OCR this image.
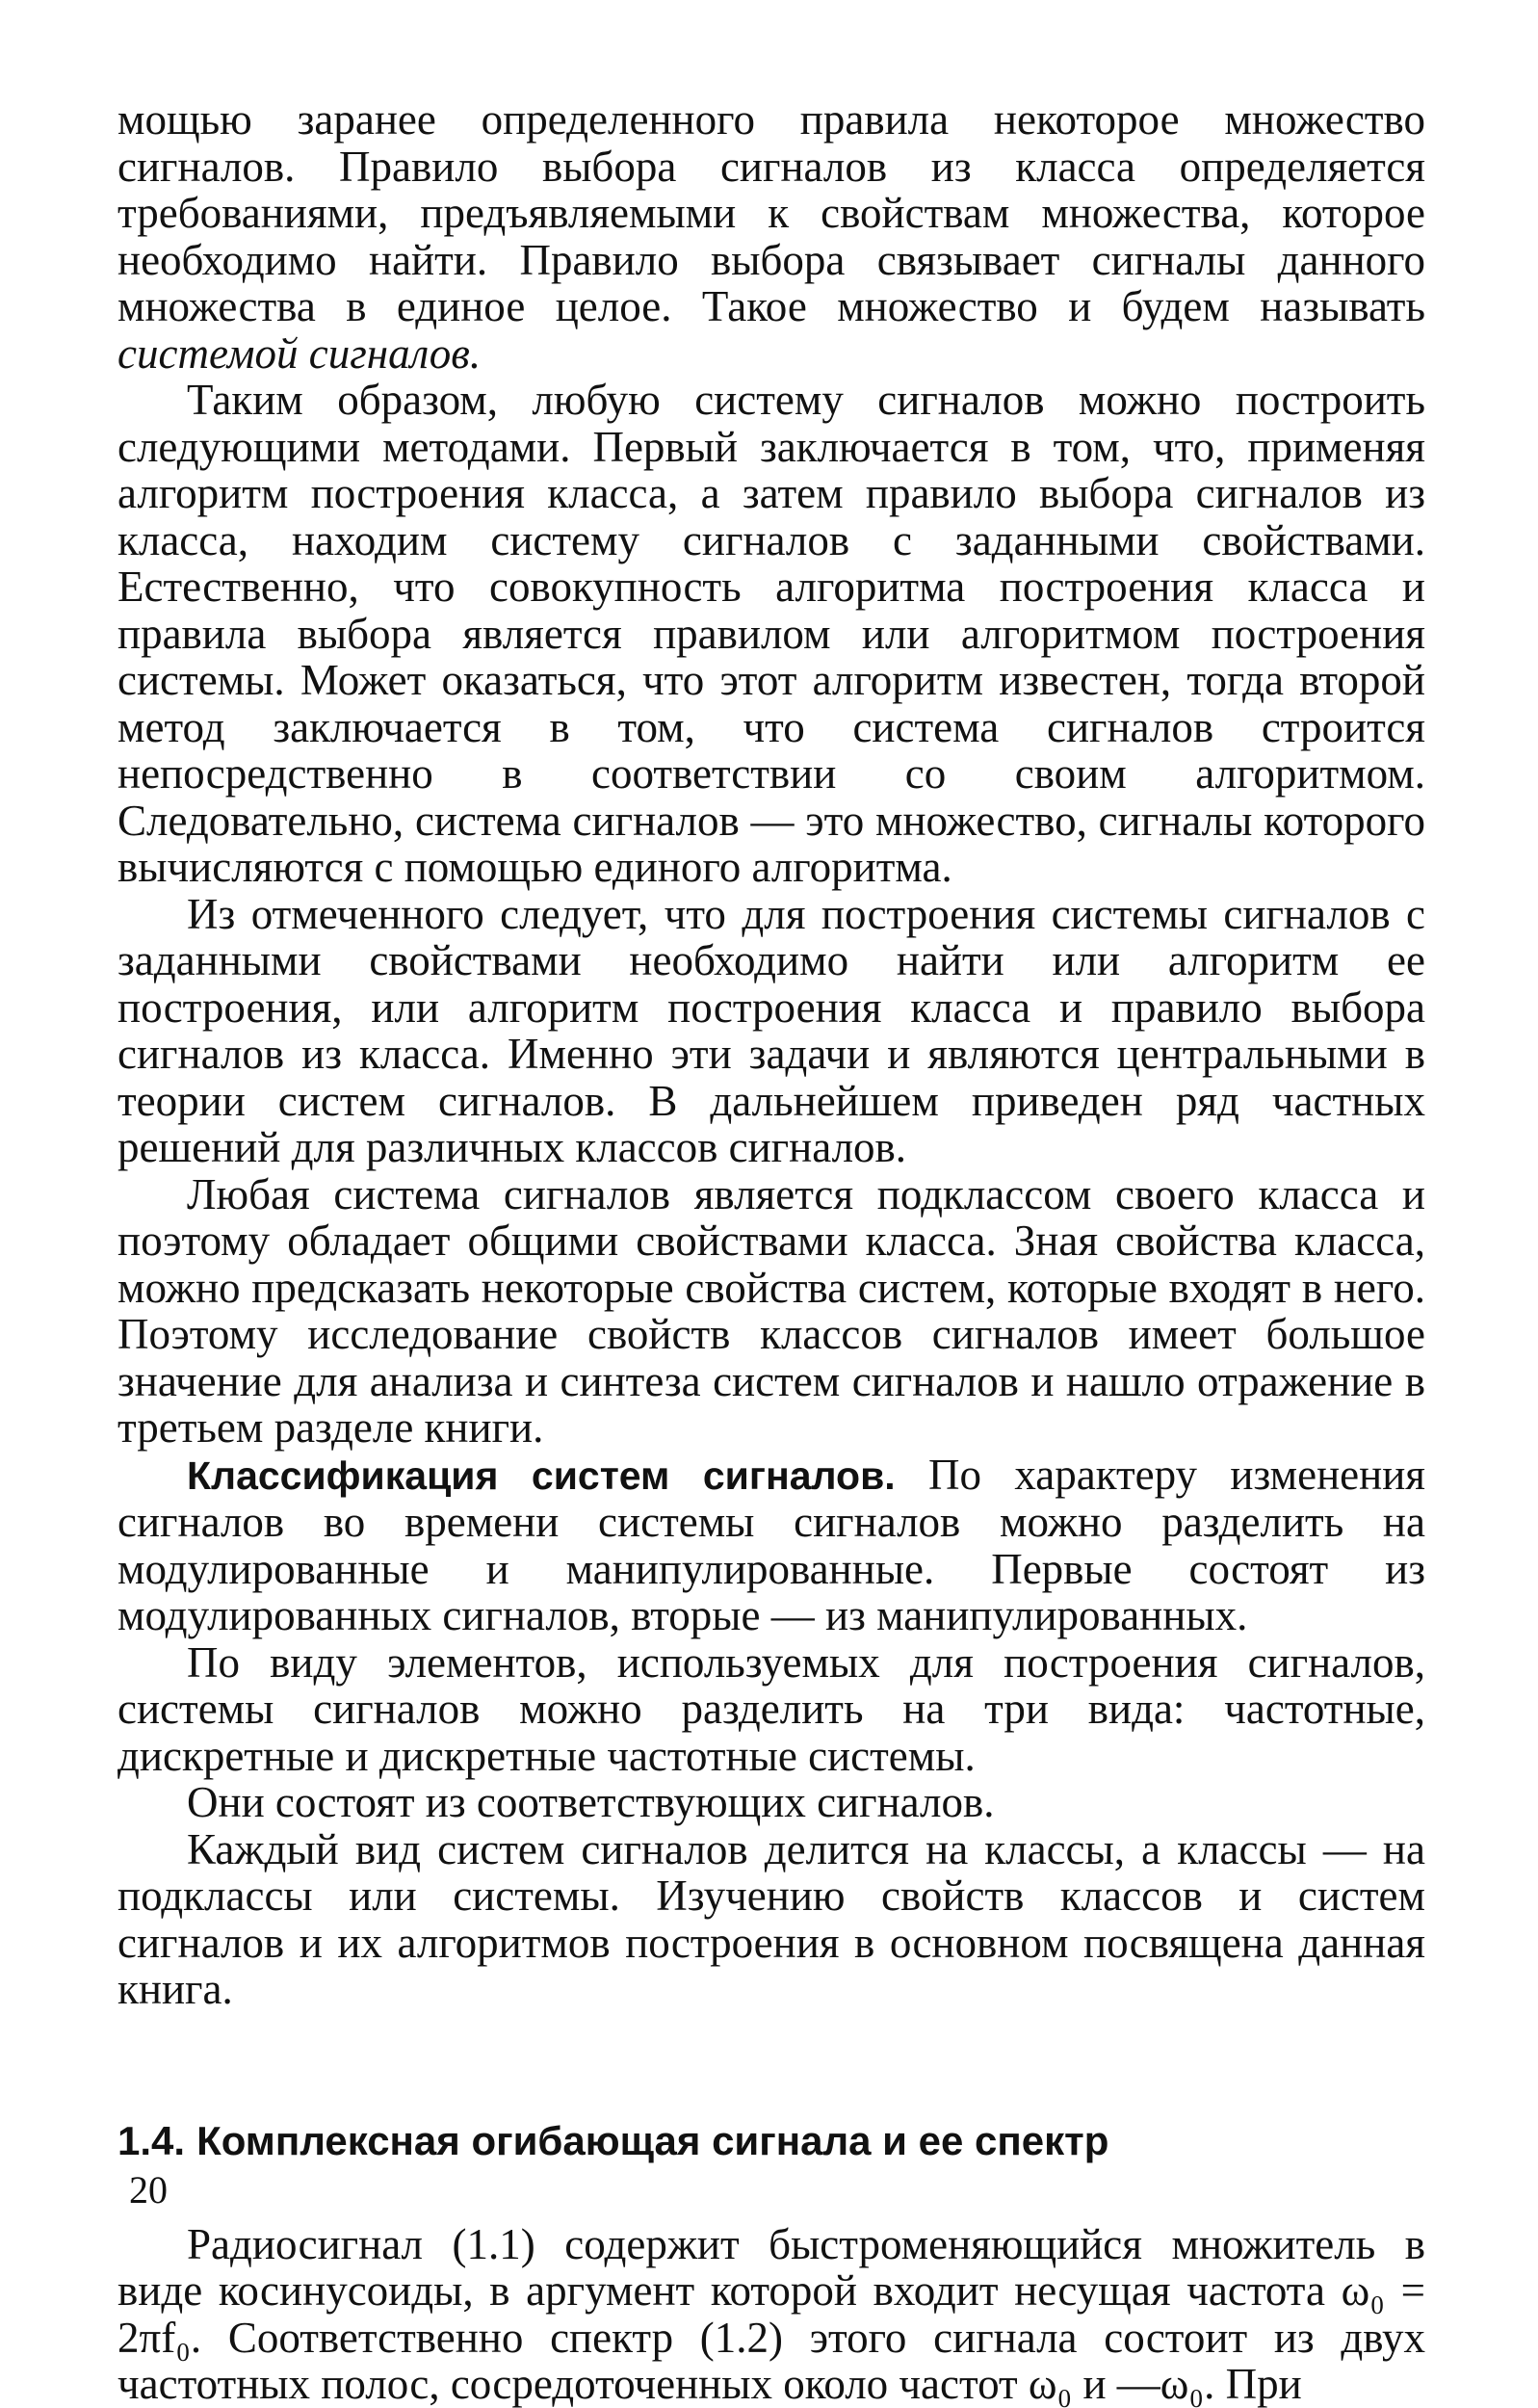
мощью заранее определенного правила некоторое множество сигналов. Правило выбора сигналов из класса определяется требованиями, предъявляемыми к свойствам множества, которое необходимо найти. Правило выбора связывает сигналы данного множества в единое целое. Такое множество и будем называть системой сигналов.

Таким образом, любую систему сигналов можно построить следующими методами. Первый заключается в том, что, применяя алгоритм построения класса, а затем правило выбора сигналов из класса, находим систему сигналов с заданными свойствами. Естественно, что совокупность алгоритма построения класса и правила выбора является правилом или алгоритмом построения системы. Может оказаться, что этот алгоритм известен, тогда второй метод заключается в том, что система сигналов строится непосредственно в соответствии со своим алгоритмом. Следовательно, система сигналов — это множество, сигналы которого вычисляются с помощью единого алгоритма.

Из отмеченного следует, что для построения системы сигналов с заданными свойствами необходимо найти или алгоритм ее построения, или алгоритм построения класса и правило выбора сигналов из класса. Именно эти задачи и являются центральными в теории систем сигналов. В дальнейшем приведен ряд частных решений для различных классов сигналов.

Любая система сигналов является подклассом своего класса и поэтому обладает общими свойствами класса. Зная свойства класса, можно предсказать некоторые свойства систем, которые входят в него. Поэтому исследование свойств классов сигналов имеет большое значение для анализа и синтеза систем сигналов и нашло отражение в третьем разделе книги.

Классификация систем сигналов. По характеру изменения сигналов во времени системы сигналов можно разделить на модулированные и манипулированные. Первые состоят из модулированных сигналов, вторые — из манипулированных.

По виду элементов, используемых для построения сигналов, системы сигналов можно разделить на три вида: частотные, дискретные и дискретные частотные системы.

Они состоят из соответствующих сигналов.

Каждый вид систем сигналов делится на классы, а классы — на подклассы или системы. Изучению свойств классов и систем сигналов и их алгоритмов построения в основном посвящена данная книга.

1.4. Комплексная огибающая сигнала и ее спектр

Радиосигнал (1.1) содержит быстроменяющийся множитель в виде косинусоиды, в аргумент которой входит несущая частота ω₀ = 2πf₀. Соответственно спектр (1.2) этого сигнала состоит из двух частотных полос, сосредоточенных около частот ω₀ и —ω₀. При

20
